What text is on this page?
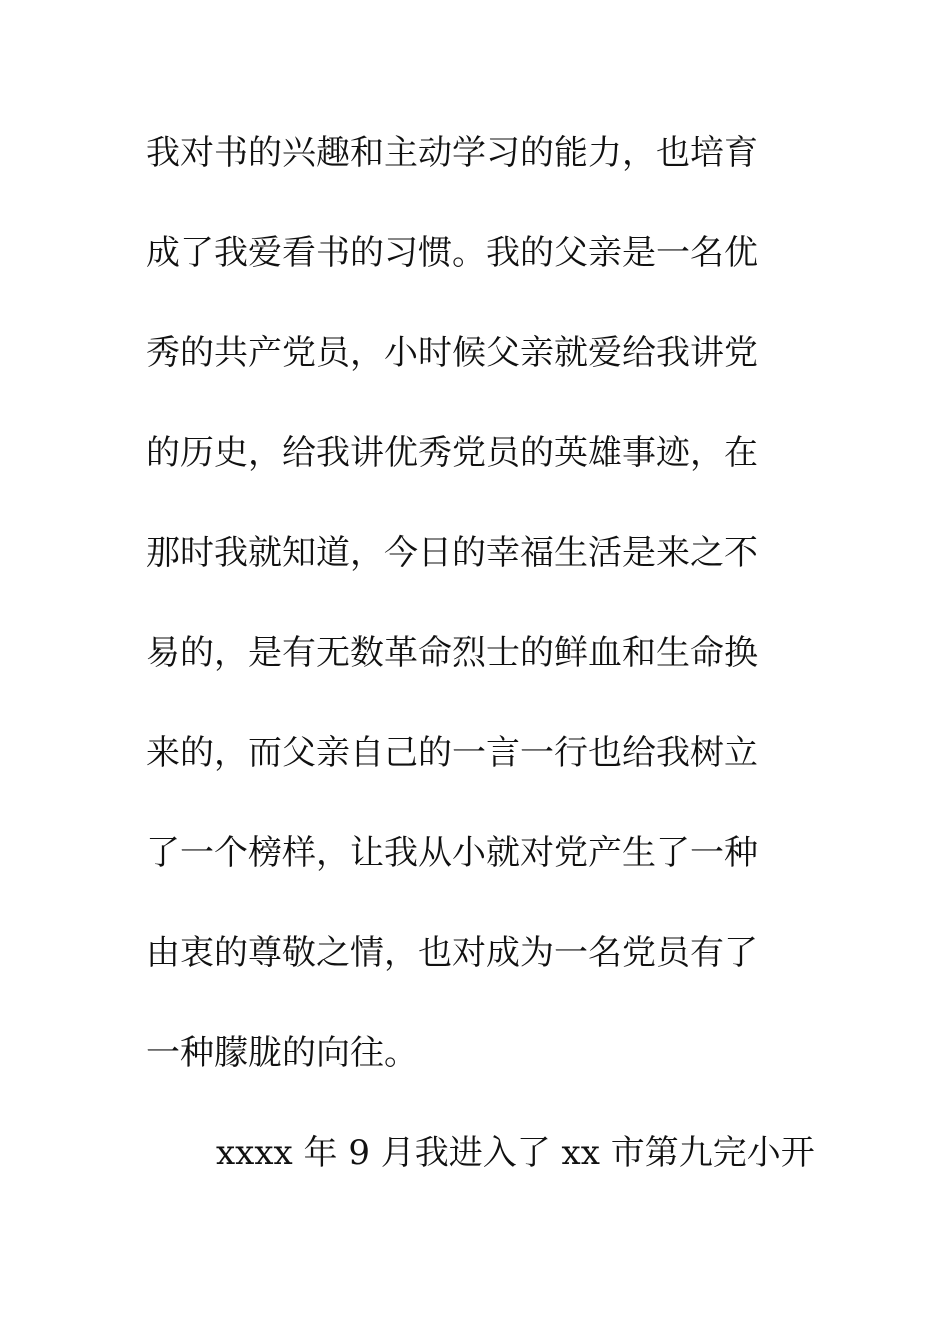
我对书的兴趣和主动学习的能力，也培育
成了我爱看书的习惯。我的父亲是一名优
秀的共产党员，小时候父亲就爱给我讲党
的历史，给我讲优秀党员的英雄事迹，在
那时我就知道，今日的幸福生活是来之不
易的，是有无数革命烈士的鲜血和生命换
来的，而父亲自己的一言一行也给我树立
了一个榜样，让我从小就对党产生了一种
由衷的尊敬之情，也对成为一名党员有了
一种朦胧的向往。
xxxx 年 9 月我进入了 xx 市第九完小开
